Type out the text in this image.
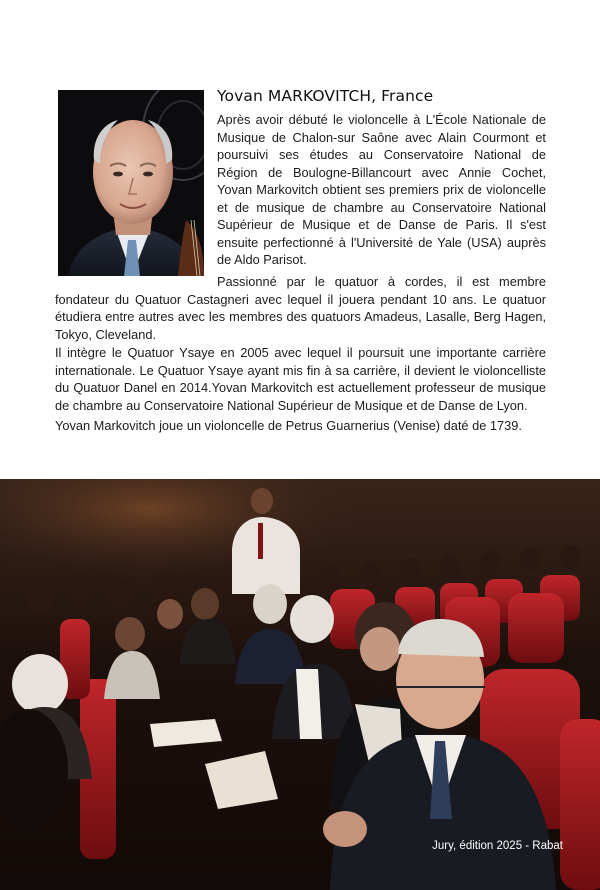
Yovan MARKOVITCH, France

Après avoir débuté le violoncelle à L'École Nationale de Musique de Chalon-sur Saône avec Alain Courmont et poursuivi ses études au Conservatoire National de Région de Boulogne-Billancourt avec Annie Cochet, Yovan Markovitch obtient ses premiers prix de violoncelle et de musique de chambre au Conservatoire National Supérieur de Musique et de Danse de Paris. Il s'est ensuite perfectionné à l'Université de Yale (USA) auprès de Aldo Parisot.

Passionné par le quatuor à cordes, il est membre fondateur du Quatuor Castagneri avec lequel il jouera pendant 10 ans. Le quatuor étudiera entre autres avec les membres des quatuors Amadeus, Lasalle, Berg Hagen, Tokyo, Cleveland.

Il intègre le Quatuor Ysaye en 2005 avec lequel il poursuit une importante carrière internationale. Le Quatuor Ysaye ayant mis fin à sa carrière, il devient le violoncelliste du Quatuor Danel en 2014.Yovan Markovitch est actuellement professeur de musique de chambre au Conservatoire National Supérieur de Musique et de Danse de Lyon.

Yovan Markovitch joue un violoncelle de Petrus Guarnerius (Venise) daté de 1739.

Jury, édition 2025 - Rabat
